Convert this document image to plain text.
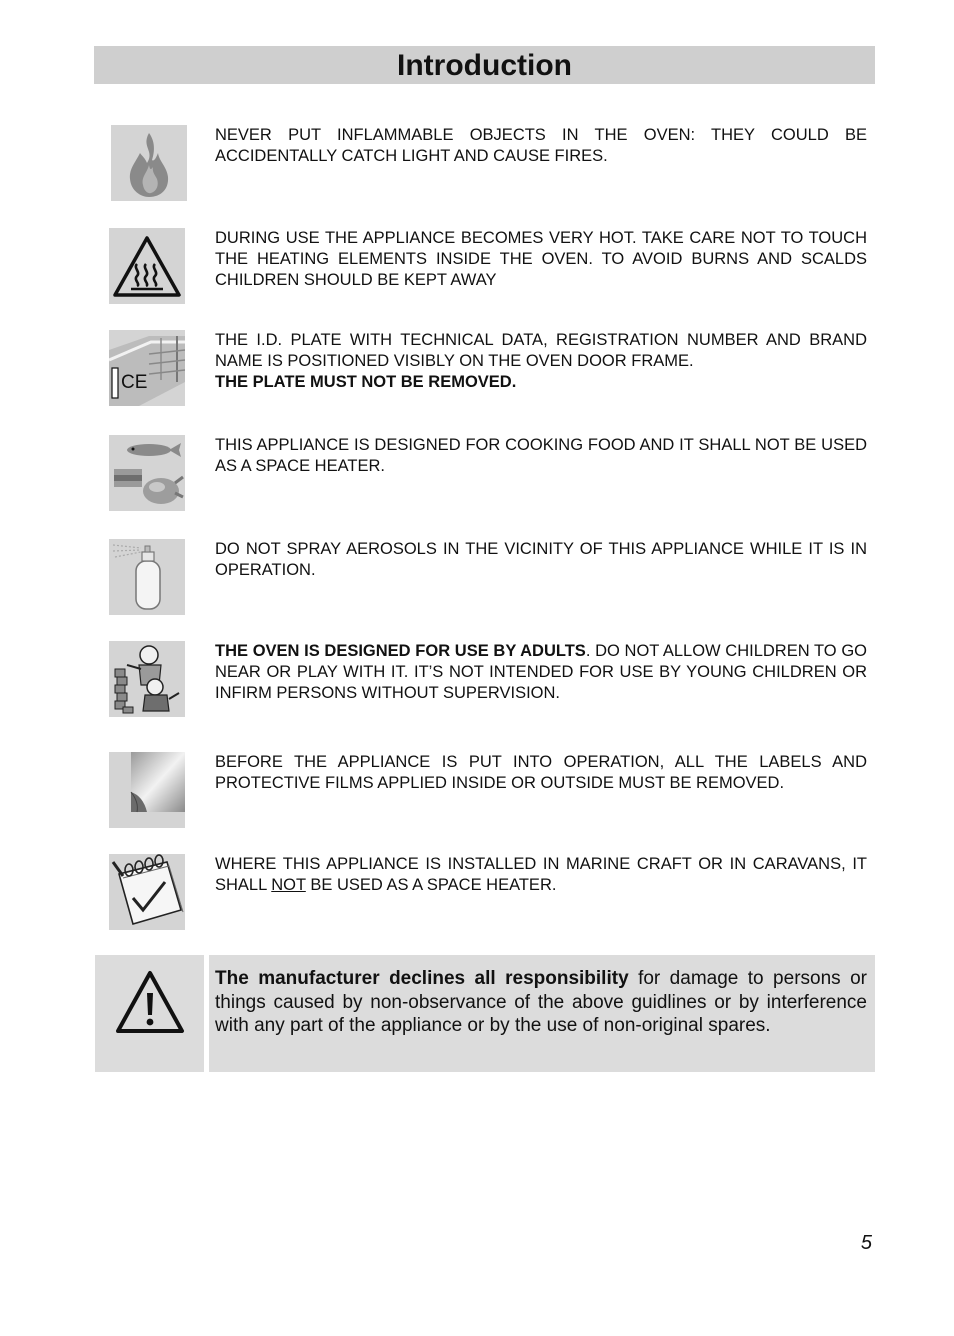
Introduction

NEVER PUT INFLAMMABLE OBJECTS IN THE OVEN: THEY COULD BE ACCIDENTALLY CATCH LIGHT AND CAUSE FIRES.

DURING USE THE APPLIANCE BECOMES VERY HOT. TAKE CARE NOT TO TOUCH THE HEATING ELEMENTS INSIDE THE OVEN. TO AVOID BURNS AND SCALDS CHILDREN SHOULD BE KEPT AWAY

CE

THE I.D. PLATE WITH TECHNICAL DATA, REGISTRATION NUMBER AND BRAND NAME IS POSITIONED VISIBLY ON THE OVEN DOOR FRAME.

THE PLATE MUST NOT BE REMOVED.

THIS APPLIANCE IS DESIGNED FOR COOKING FOOD AND IT SHALL NOT BE USED AS A SPACE HEATER.

DO NOT SPRAY AEROSOLS IN THE VICINITY OF THIS APPLIANCE WHILE IT IS IN OPERATION.

THE OVEN IS DESIGNED FOR USE BY ADULTS. DO NOT ALLOW CHILDREN TO GO NEAR OR PLAY WITH IT. IT’S NOT INTENDED FOR USE BY YOUNG CHILDREN OR INFIRM PERSONS WITHOUT SUPERVISION.

BEFORE THE APPLIANCE IS PUT INTO OPERATION, ALL THE LABELS AND PROTECTIVE FILMS APPLIED INSIDE OR OUTSIDE MUST BE REMOVED.

WHERE THIS APPLIANCE IS INSTALLED IN MARINE CRAFT OR IN CARAVANS, IT SHALL NOT BE USED AS A SPACE HEATER.

The manufacturer declines all responsibility for damage to persons or things caused by non-observance of the above guidlines or by interference with any part of the appliance or by the use of non-original spares.

5
